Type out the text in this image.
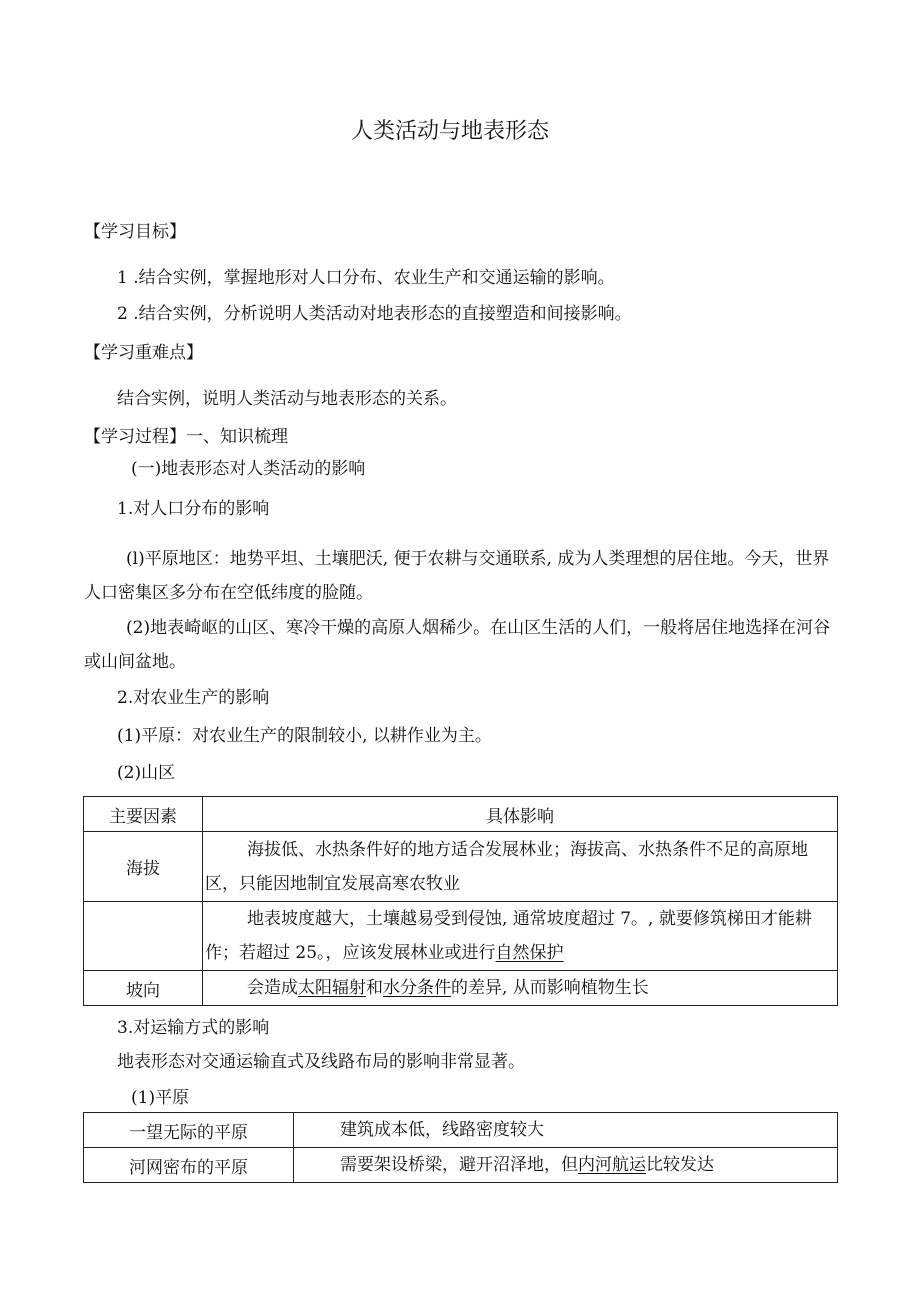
人类活动与地表形态
【学习目标】
1 .结合实例，掌握地形对人口分布、农业生产和交通运输的影响。
2 .结合实例，分析说明人类活动对地表形态的直接塑造和间接影响。
【学习重难点】
结合实例，说明人类活动与地表形态的关系。
【学习过程】一、知识梳理
(一)地表形态对人类活动的影响
1.对人口分布的影响
(l)平原地区：地势平坦、土壤肥沃, 便于农耕与交通联系, 成为人类理想的居住地。今天，世界人口密集区多分布在空低纬度的脸随。
(2)地表崎岖的山区、寒冷干燥的高原人烟稀少。在山区生活的人们，一般将居住地选择在河谷或山间盆地。
2.对农业生产的影响
(1)平原：对农业生产的限制较小, 以耕作业为主。
(2)山区
主要因素	具体影响
海拔	海拔低、水热条件好的地方适合发展林业；海拔高、水热条件不足的高原地区，只能因地制宜发展高寒农牧业

	地表坡度越大，土壤越易受到侵蚀, 通常坡度超过 7。, 就要修筑梯田才能耕作；若超过 25。，应该发展林业或进行自然保护

坡向	会造成太阳辐射和水分条件的差异, 从而影响植物生长
3.对运输方式的影响
地表形态对交通运输直式及线路布局的影响非常显著。
(1)平原
一望无际的平原	建筑成本低，线路密度较大

河网密布的平原	需要架设桥梁，避开沼泽地，但内河航运比较发达
